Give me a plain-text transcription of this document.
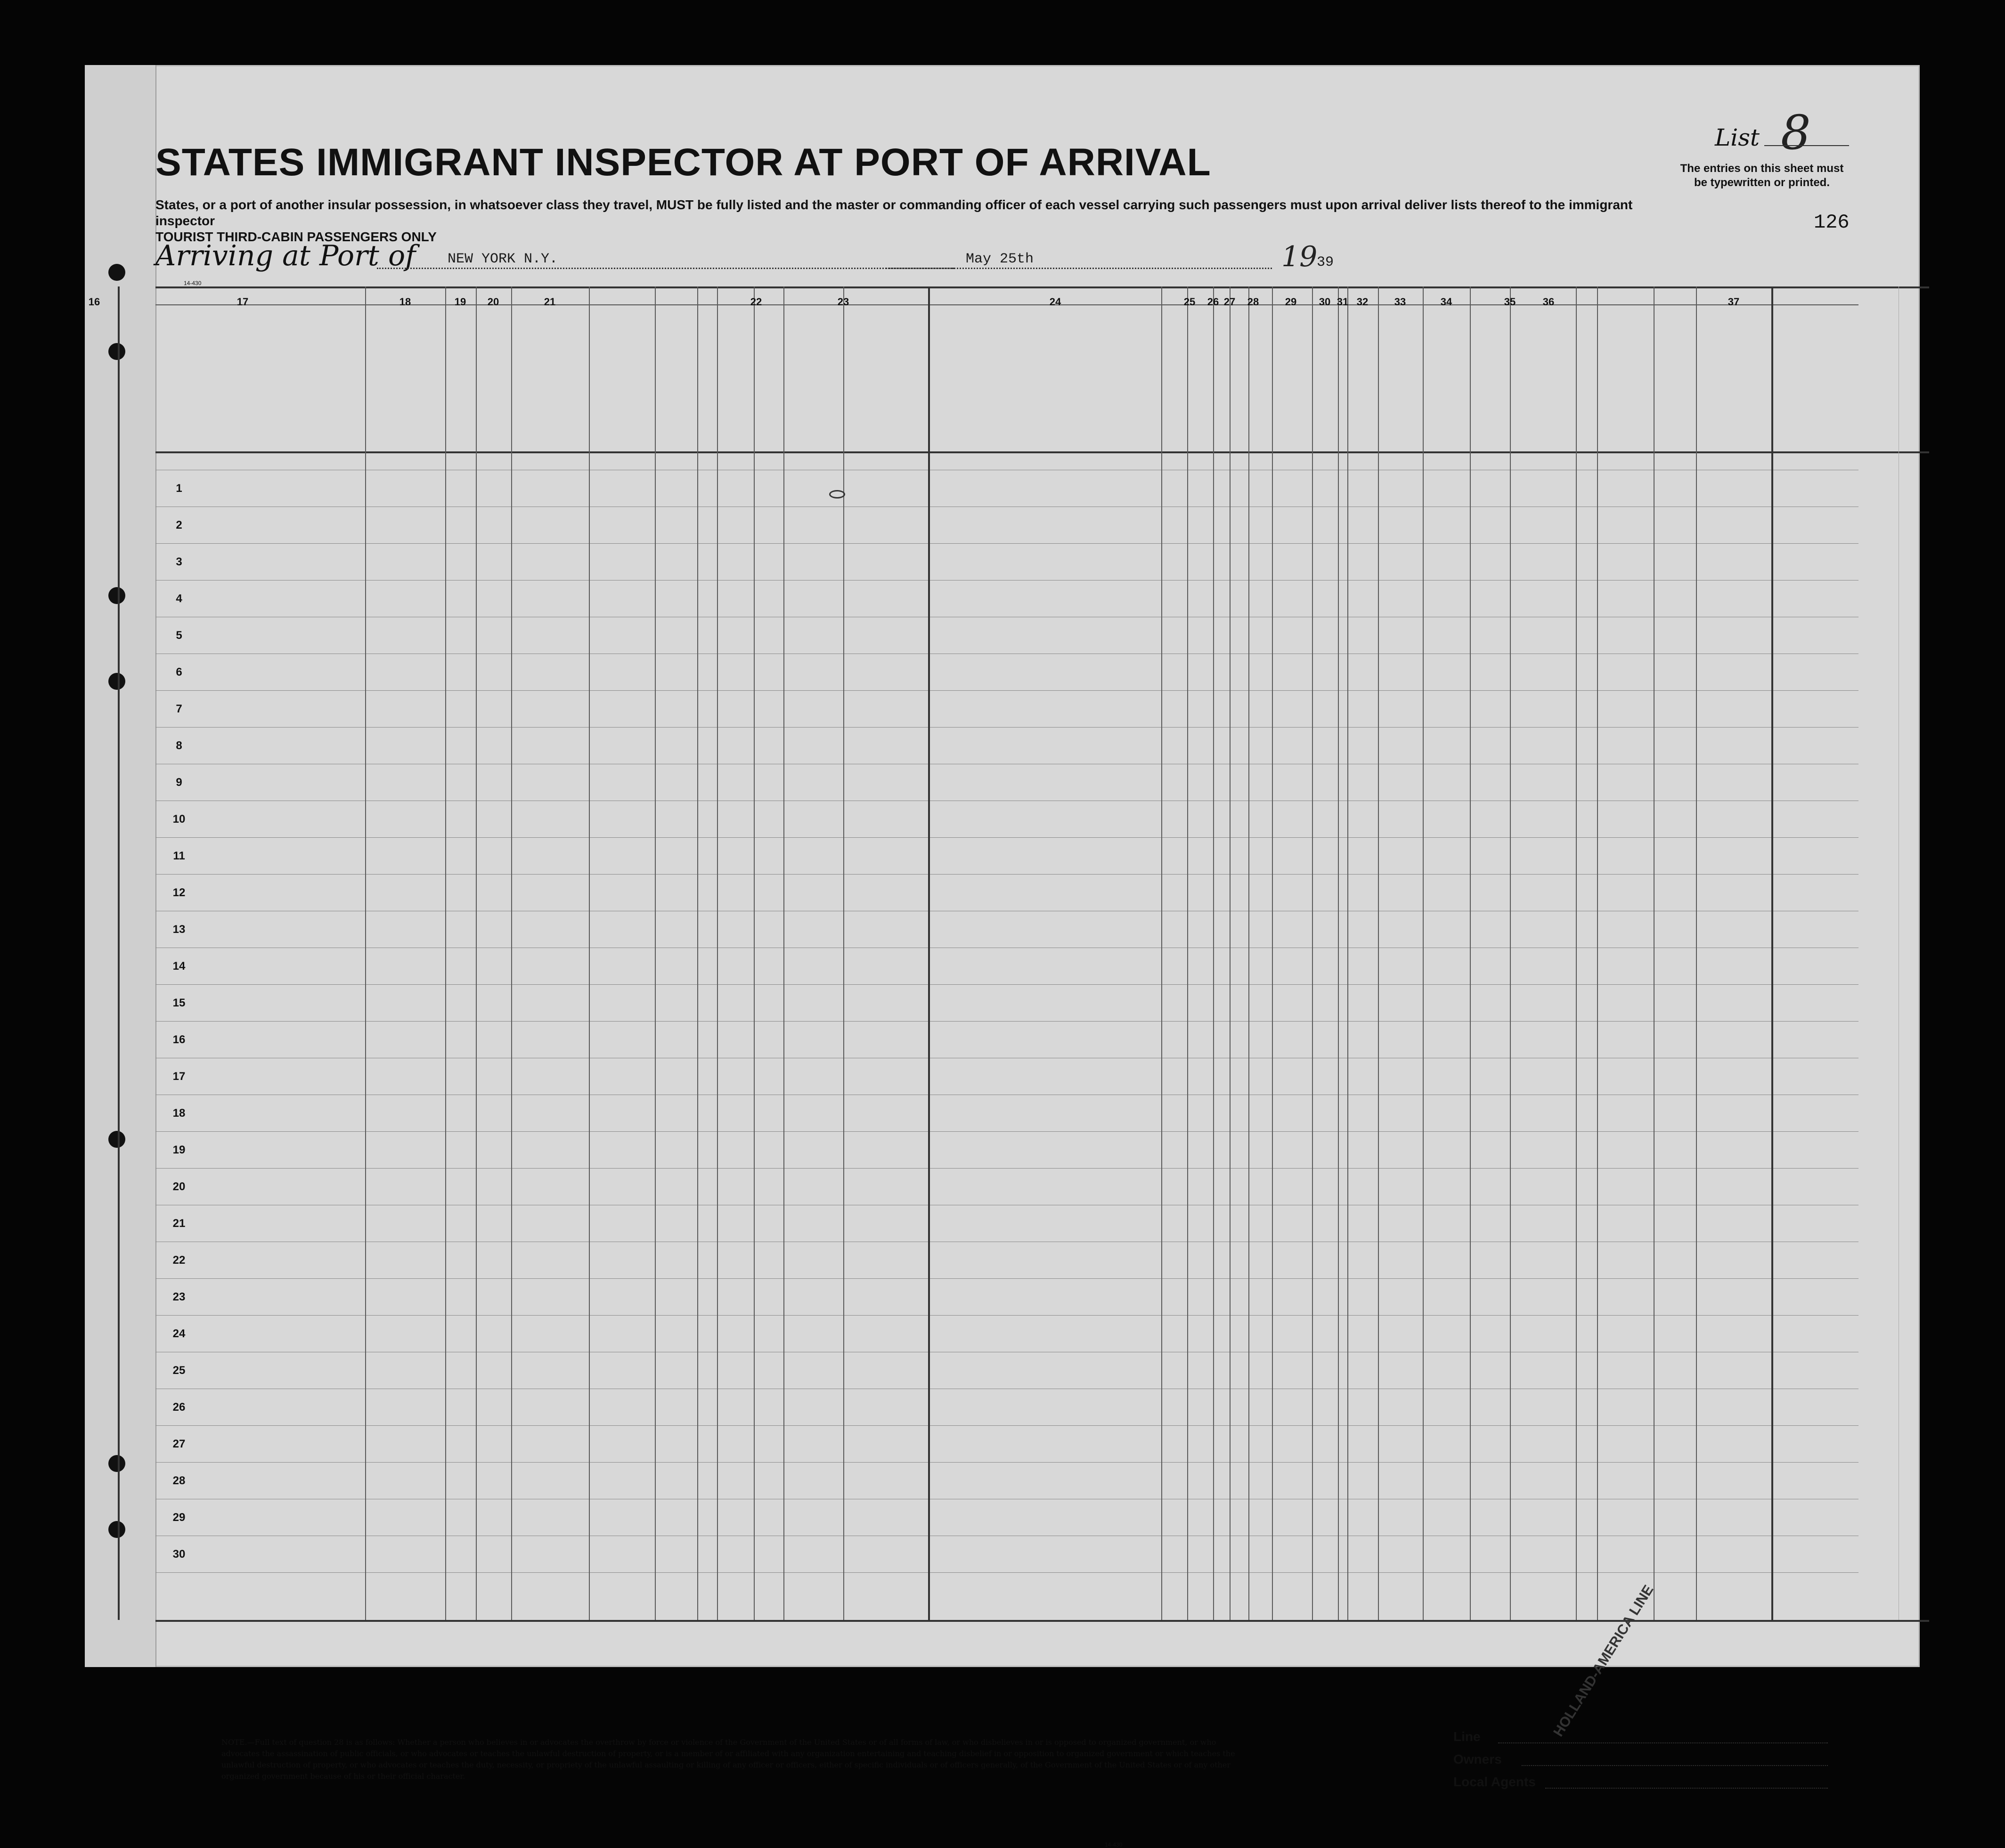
STATES IMMIGRANT INSPECTOR AT PORT OF ARRIVAL
States, or a port of another insular possession, in whatsoever class they travel, MUST be fully listed and the master or commanding officer of each vessel carrying such passengers must upon arrival deliver lists thereof to the immigrant inspector
TOURIST THIRD-CABIN PASSENGERS ONLY
List 8
The entries on this sheet must be typewritten or printed.
126
Arriving at Port of NEW YORK N.Y.	May 25th	19
39
14-430
16	17	18	19	20	21	22	23	24	25	26 27	28	29	30 31 32	33	34	35	36	37
1
2
3
4
5
6
7
8
9
10
11
12
13
14
15
16
17
18
19
20
21
22
23
24
25
26
27
28
29
30
NOTE.—Full text of question 28 is as follows: Whether a person who believes in or advocates the overthrow by force or violence of the Government of the United States or of all forms of law, or who disbelieves in or is opposed to organized government, or who advocates the assassination of public officials, or who advocates or teaches the unlawful destruction of property, or is a member of or affiliated with any organization entertaining and teaching disbelief in or opposition to organized government or which teaches the unlawful destruction of property, or who advocates or teaches the duty, necessity, or propriety of the unlawful assaulting or killing of any officer or officers, either of specific individuals or of officers generally, of the Government of the United States or of any other organized government because of his or their official character.
14-430
Line
Owners
Local Agents
HOLLAND-AMERICA LINE
